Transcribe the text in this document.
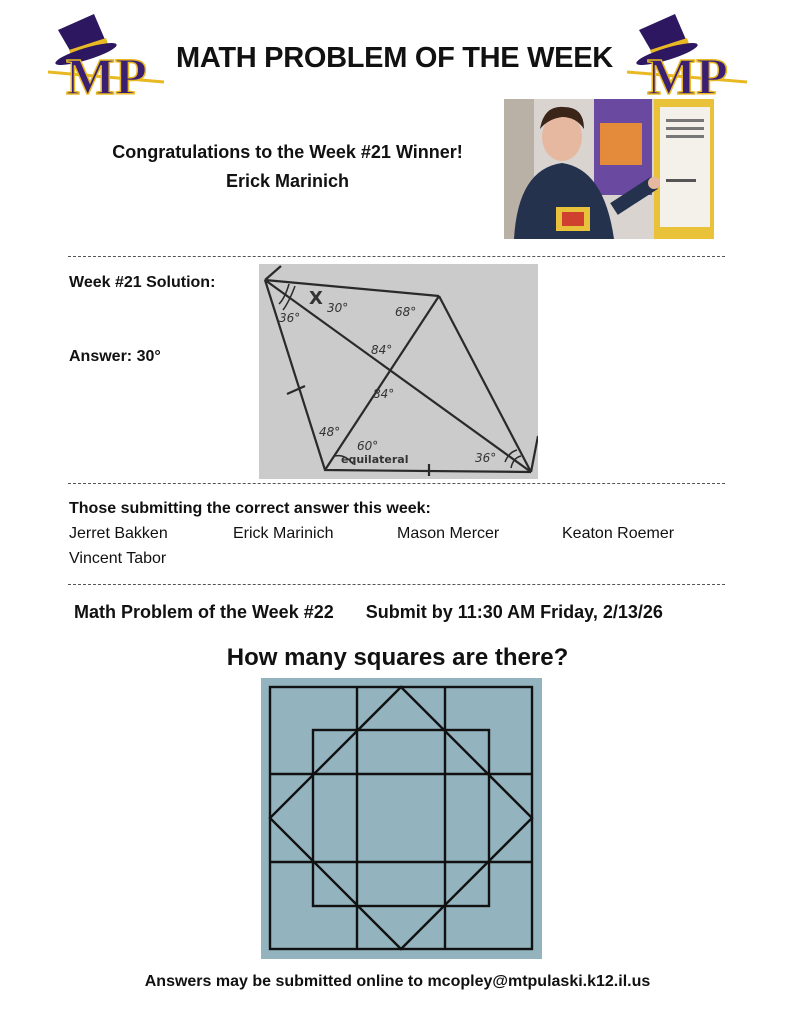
MP MATH PROBLEM OF THE WEEK MP
Congratulations to the Week #21 Winner!
Erick Marinich
Week #21 Solution:
Answer: 30°
X 30°
36°	68°
84°
84°
48°
60°
equilateral	36°
Those submitting the correct answer this week:
Jerret Bakken	Erick Marinich	Mason Mercer	Keaton Roemer
Vincent Tabor
Math Problem of the Week #22 Submit by 11:30 AM Friday, 2/13/26
How many squares are there?
Answers may be submitted online to mcopley@mtpulaski.k12.il.us
